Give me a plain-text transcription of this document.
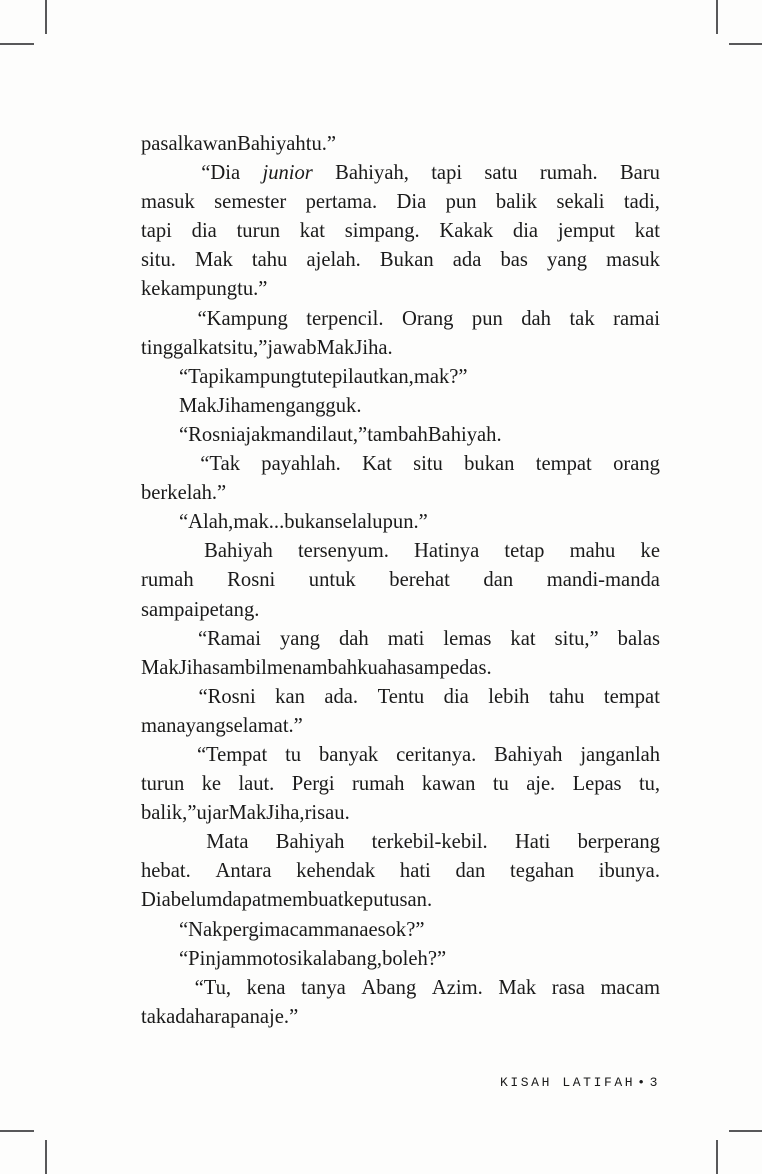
pasal kawan Bahiyah tu.”

“Dia junior Bahiyah, tapi satu rumah. Baru
masuk semester pertama. Dia pun balik sekali tadi,
tapi dia turun kat simpang. Kakak dia jemput kat
situ. Mak tahu ajelah. Bukan ada bas yang masuk
ke kampung tu.”

“Kampung terpencil. Orang pun dah tak ramai
tinggal kat situ,” jawab Mak Jiha.

“Tapi kampung tu tepi laut kan, mak?”

Mak Jiha mengangguk.

“Rosni ajak mandi laut,” tambah Bahiyah.

“Tak payahlah. Kat situ bukan tempat orang
berkelah.”

“Alah, mak... bukan selalu pun.”

Bahiyah tersenyum. Hatinya tetap mahu ke
rumah Rosni untuk berehat dan mandi-manda
sampai petang.

“Ramai yang dah mati lemas kat situ,” balas
Mak Jiha sambil menambah kuah asam pedas.

“Rosni kan ada. Tentu dia lebih tahu tempat
mana yang selamat.”

“Tempat tu banyak ceritanya. Bahiyah janganlah
turun ke laut. Pergi rumah kawan tu aje. Lepas tu,
balik,” ujar Mak Jiha, risau.

Mata Bahiyah terkebil-kebil. Hati berperang
hebat. Antara kehendak hati dan tegahan ibunya.
Dia belum dapat membuat keputusan.

“Nak pergi macam mana esok?”

“Pinjam motosikal abang, boleh?”

“Tu, kena tanya Abang Azim. Mak rasa macam
tak ada harapan aje.”

KISAH LATIFAH • 3
